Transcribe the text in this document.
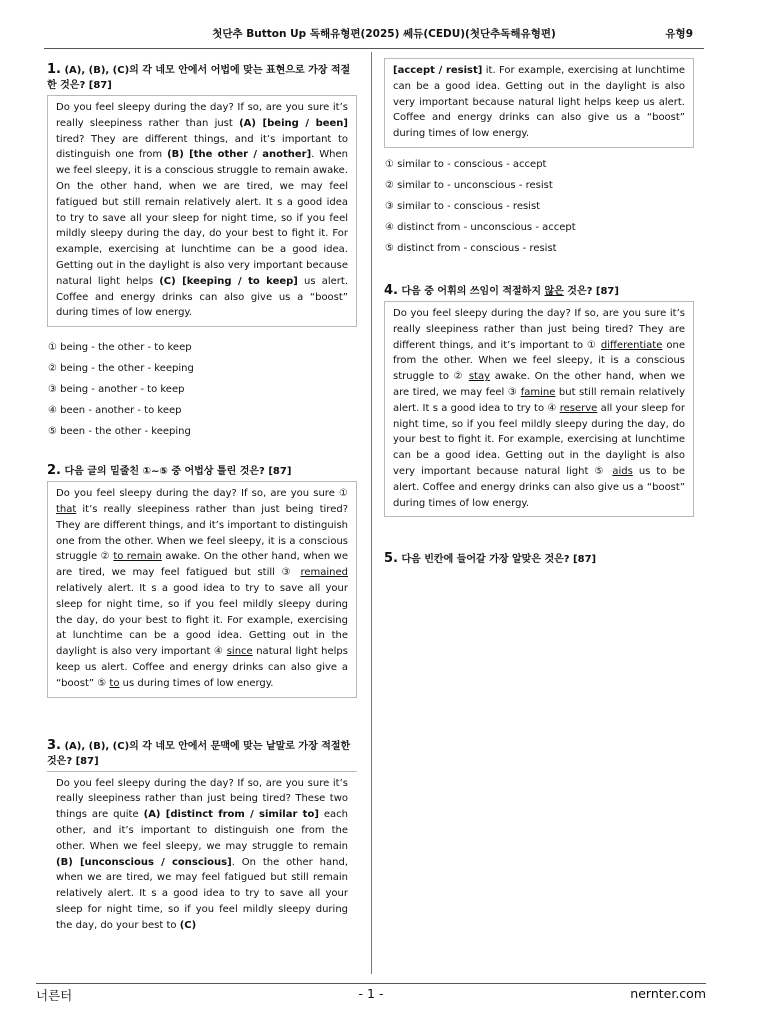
첫단추 Button Up 독해유형편(2025) 쎄듀(CEDU)(첫단추독해유형편)	유형9
1. (A), (B), (C)의 각 네모 안에서 어법에 맞는 표현으로 가장 적절한 것은? [87]
Do you feel sleepy during the day? If so, are you sure it’s really sleepiness rather than just (A) [being / been] tired? They are different things, and it’s important to distinguish one from (B) [the other / another]. When we feel sleepy, it is a conscious struggle to remain awake. On the other hand, when we are tired, we may feel fatigued but still remain relatively alert. It s a good idea to try to save all your sleep for night time, so if you feel mildly sleepy during the day, do your best to fight it. For example, exercising at lunchtime can be a good idea. Getting out in the daylight is also very important because natural light helps (C) [keeping / to keep] us alert. Coffee and energy drinks can also give us a “boost” during times of low energy.
① being - the other - to keep
② being - the other - keeping
③ being - another - to keep
④ been - another - to keep
⑤ been - the other - keeping
2. 다음 글의 밑줄친 ①~⑤ 중 어법상 틀린 것은? [87]
Do you feel sleepy during the day? If so, are you sure ① that it’s really sleepiness rather than just being tired? They are different things, and it’s important to distinguish one from the other. When we feel sleepy, it is a conscious struggle ② to remain awake. On the other hand, when we are tired, we may feel fatigued but still ③ remained relatively alert. It s a good idea to try to save all your sleep for night time, so if you feel mildly sleepy during the day, do your best to fight it. For example, exercising at lunchtime can be a good idea. Getting out in the daylight is also very important ④ since natural light helps keep us alert. Coffee and energy drinks can also give a “boost” ⑤ to us during times of low energy.
3. (A), (B), (C)의 각 네모 안에서 문맥에 맞는 낱말로 가장 적절한 것은? [87]
Do you feel sleepy during the day? If so, are you sure it’s really sleepiness rather than just being tired? These two things are quite (A) [distinct from / similar to] each other, and it’s important to distinguish one from the other. When we feel sleepy, we may struggle to remain (B) [unconscious / conscious]. On the other hand, when we are tired, we may feel fatigued but still remain relatively alert. It s a good idea to try to save all your sleep for night time, so if you feel mildly sleepy during the day, do your best to (C)
[accept / resist] it. For example, exercising at lunchtime can be a good idea. Getting out in the daylight is also very important because natural light helps keep us alert. Coffee and energy drinks can also give us a “boost” during times of low energy.
① similar to - conscious - accept
② similar to - unconscious - resist
③ similar to - conscious - resist
④ distinct from - unconscious - accept
⑤ distinct from - conscious - resist
4. 다음 중 어휘의 쓰임이 적절하지 않은 것은? [87]
Do you feel sleepy during the day? If so, are you sure it’s really sleepiness rather than just being tired? They are different things, and it’s important to ① differentiate one from the other. When we feel sleepy, it is a conscious struggle to ② stay awake. On the other hand, when we are tired, we may feel ③ famine but still remain relatively alert. It s a good idea to try to ④ reserve all your sleep for night time, so if you feel mildly sleepy during the day, do your best to fight it. For example, exercising at lunchtime can be a good idea. Getting out in the daylight is also very important because natural light ⑤ aids us to be alert. Coffee and energy drinks can also give us a “boost” during times of low energy.
5. 다음 빈칸에 들어갈 가장 알맞은 것은? [87]
너른터	- 1 -	nernter.com
